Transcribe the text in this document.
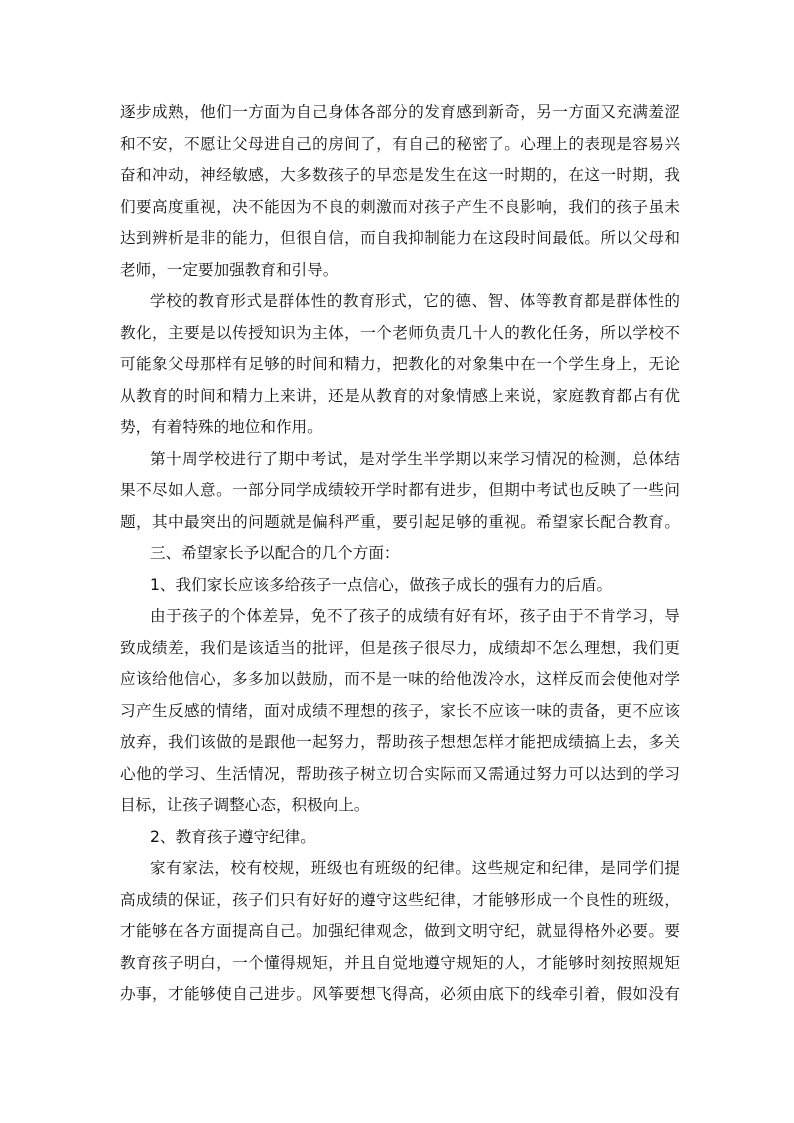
逐步成熟，他们一方面为自己身体各部分的发育感到新奇，另一方面又充满羞涩
和不安，不愿让父母进自己的房间了，有自己的秘密了。心理上的表现是容易兴
奋和冲动，神经敏感，大多数孩子的早恋是发生在这一时期的，在这一时期，我
们要高度重视，决不能因为不良的刺激而对孩子产生不良影响，我们的孩子虽未
达到辨析是非的能力，但很自信，而自我抑制能力在这段时间最低。所以父母和
老师，一定要加强教育和引导。
学校的教育形式是群体性的教育形式，它的德、智、体等教育都是群体性的
教化，主要是以传授知识为主体，一个老师负责几十人的教化任务，所以学校不
可能象父母那样有足够的时间和精力，把教化的对象集中在一个学生身上，无论
从教育的时间和精力上来讲，还是从教育的对象情感上来说，家庭教育都占有优
势，有着特殊的地位和作用。
第十周学校进行了期中考试，是对学生半学期以来学习情况的检测，总体结
果不尽如人意。一部分同学成绩较开学时都有进步，但期中考试也反映了一些问
题，其中最突出的问题就是偏科严重，要引起足够的重视。希望家长配合教育。
三、希望家长予以配合的几个方面：
1、我们家长应该多给孩子一点信心，做孩子成长的强有力的后盾。
由于孩子的个体差异，免不了孩子的成绩有好有坏，孩子由于不肯学习，导
致成绩差，我们是该适当的批评，但是孩子很尽力，成绩却不怎么理想，我们更
应该给他信心，多多加以鼓励，而不是一味的给他泼冷水，这样反而会使他对学
习产生反感的情绪，面对成绩不理想的孩子，家长不应该一味的责备，更不应该
放弃，我们该做的是跟他一起努力，帮助孩子想想怎样才能把成绩搞上去，多关
心他的学习、生活情况，帮助孩子树立切合实际而又需通过努力可以达到的学习
目标，让孩子调整心态，积极向上。
2、教育孩子遵守纪律。
家有家法，校有校规，班级也有班级的纪律。这些规定和纪律，是同学们提
高成绩的保证，孩子们只有好好的遵守这些纪律，才能够形成一个良性的班级，
才能够在各方面提高自己。加强纪律观念，做到文明守纪，就显得格外必要。要
教育孩子明白，一个懂得规矩，并且自觉地遵守规矩的人，才能够时刻按照规矩
办事，才能够使自己进步。风筝要想飞得高，必须由底下的线牵引着，假如没有
